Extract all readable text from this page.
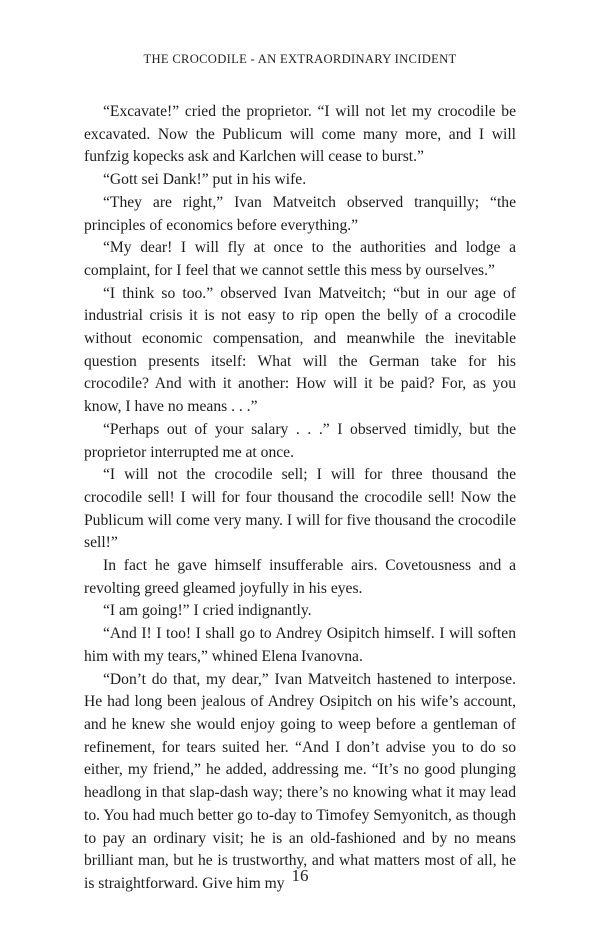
THE CROCODILE - AN EXTRAORDINARY INCIDENT

“Excavate!” cried the proprietor. “I will not let my crocodile be excavated. Now the Publicum will come many more, and I will funfzig kopecks ask and Karlchen will cease to burst.”

“Gott sei Dank!” put in his wife.

“They are right,” Ivan Matveitch observed tranquilly; “the principles of economics before everything.”

“My dear! I will fly at once to the authorities and lodge a complaint, for I feel that we cannot settle this mess by ourselves.”

“I think so too.” observed Ivan Matveitch; “but in our age of industrial crisis it is not easy to rip open the belly of a crocodile without economic compensation, and meanwhile the inevitable question presents itself: What will the German take for his crocodile? And with it another: How will it be paid? For, as you know, I have no means . . .”

“Perhaps out of your salary . . .” I observed timidly, but the proprietor interrupted me at once.

“I will not the crocodile sell; I will for three thousand the crocodile sell! I will for four thousand the crocodile sell! Now the Publicum will come very many. I will for five thousand the crocodile sell!”

In fact he gave himself insufferable airs. Covetousness and a revolting greed gleamed joyfully in his eyes.

“I am going!” I cried indignantly.

“And I! I too! I shall go to Andrey Osipitch himself. I will soften him with my tears,” whined Elena Ivanovna.

“Don’t do that, my dear,” Ivan Matveitch hastened to interpose. He had long been jealous of Andrey Osipitch on his wife’s account, and he knew she would enjoy going to weep before a gentleman of refinement, for tears suited her. “And I don’t advise you to do so either, my friend,” he added, addressing me. “It’s no good plunging headlong in that slap-dash way; there’s no knowing what it may lead to. You had much better go to-day to Timofey Semyonitch, as though to pay an ordinary visit; he is an old-fashioned and by no means brilliant man, but he is trustworthy, and what matters most of all, he is straightforward. Give him my 16
